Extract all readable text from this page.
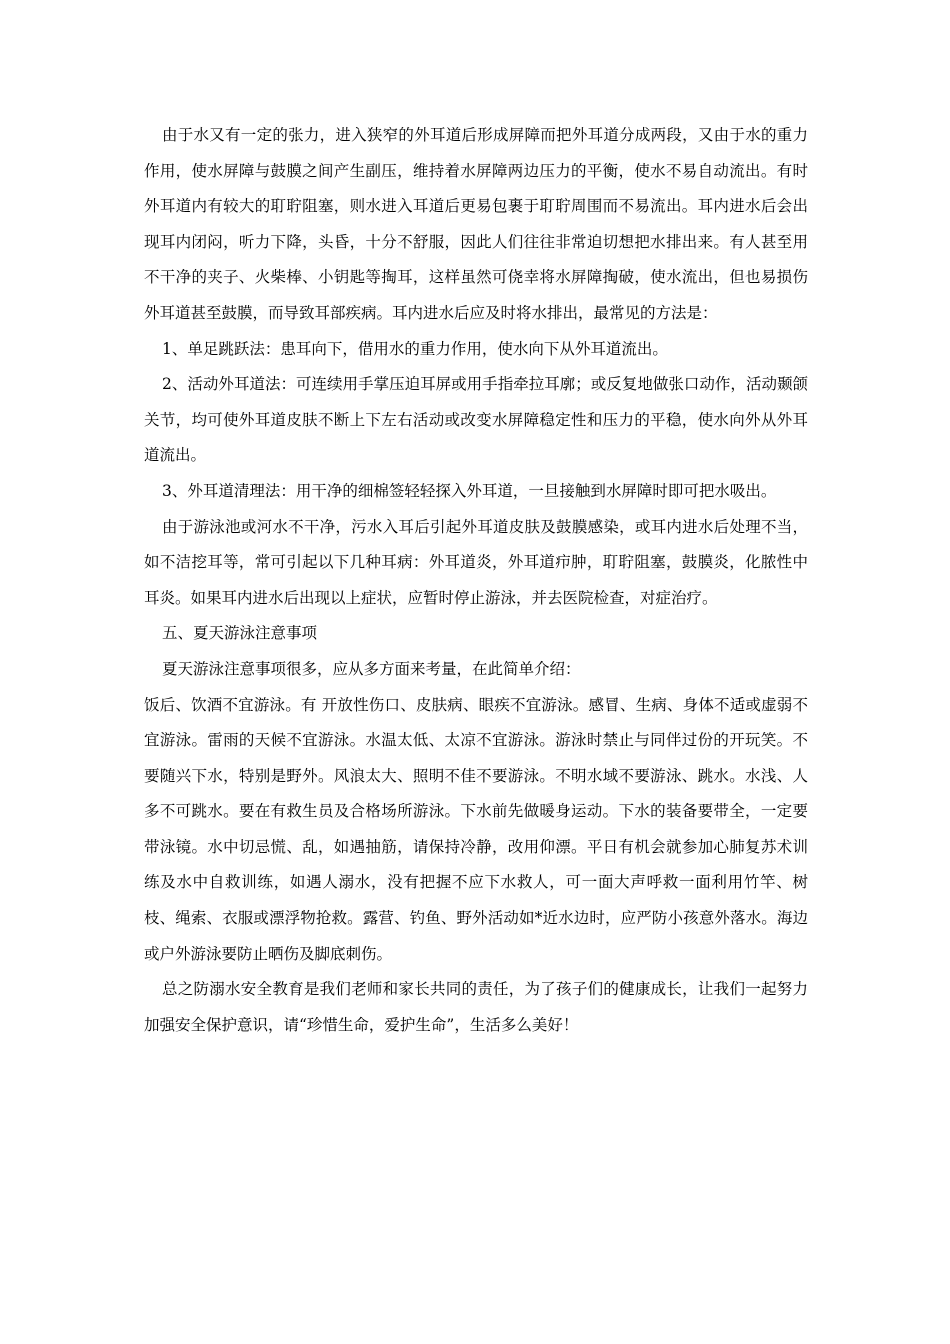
由于水又有一定的张力，进入狭窄的外耳道后形成屏障而把外耳道分成两段，又由于水的重力作用，使水屏障与鼓膜之间产生副压，维持着水屏障两边压力的平衡，使水不易自动流出。有时外耳道内有较大的耵聍阻塞，则水进入耳道后更易包裹于耵聍周围而不易流出。耳内进水后会出现耳内闭闷，听力下降，头昏，十分不舒服，因此人们往往非常迫切想把水排出来。有人甚至用不干净的夹子、火柴棒、小钥匙等掏耳，这样虽然可侥幸将水屏障掏破，使水流出，但也易损伤外耳道甚至鼓膜，而导致耳部疾病。耳内进水后应及时将水排出，最常见的方法是：

1、单足跳跃法：患耳向下，借用水的重力作用，使水向下从外耳道流出。

2、活动外耳道法：可连续用手掌压迫耳屏或用手指牵拉耳廓；或反复地做张口动作，活动颞颌关节，均可使外耳道皮肤不断上下左右活动或改变水屏障稳定性和压力的平稳，使水向外从外耳道流出。

3、外耳道清理法：用干净的细棉签轻轻探入外耳道，一旦接触到水屏障时即可把水吸出。

由于游泳池或河水不干净，污水入耳后引起外耳道皮肤及鼓膜感染，或耳内进水后处理不当，如不洁挖耳等，常可引起以下几种耳病：外耳道炎，外耳道疖肿，耵聍阻塞，鼓膜炎，化脓性中耳炎。如果耳内进水后出现以上症状，应暂时停止游泳，并去医院检查，对症治疗。

五、夏天游泳注意事项

夏天游泳注意事项很多，应从多方面来考量，在此简单介绍：

饭后、饮酒不宜游泳。有 开放性伤口、皮肤病、眼疾不宜游泳。感冒、生病、身体不适或虚弱不宜游泳。雷雨的天候不宜游泳。水温太低、太凉不宜游泳。游泳时禁止与同伴过份的开玩笑。不要随兴下水，特别是野外。风浪太大、照明不佳不要游泳。不明水域不要游泳、跳水。水浅、人多不可跳水。要在有救生员及合格场所游泳。下水前先做暖身运动。下水的装备要带全，一定要带泳镜。水中切忌慌、乱，如遇抽筋，请保持冷静，改用仰漂。平日有机会就参加心肺复苏术训练及水中自救训练，如遇人溺水，没有把握不应下水救人，可一面大声呼救一面利用竹竿、树枝、绳索、衣服或漂浮物抢救。露营、钓鱼、野外活动如*近水边时，应严防小孩意外落水。海边或户外游泳要防止晒伤及脚底刺伤。

总之防溺水安全教育是我们老师和家长共同的责任，为了孩子们的健康成长，让我们一起努力加强安全保护意识，请“珍惜生命，爱护生命”，生活多么美好！
